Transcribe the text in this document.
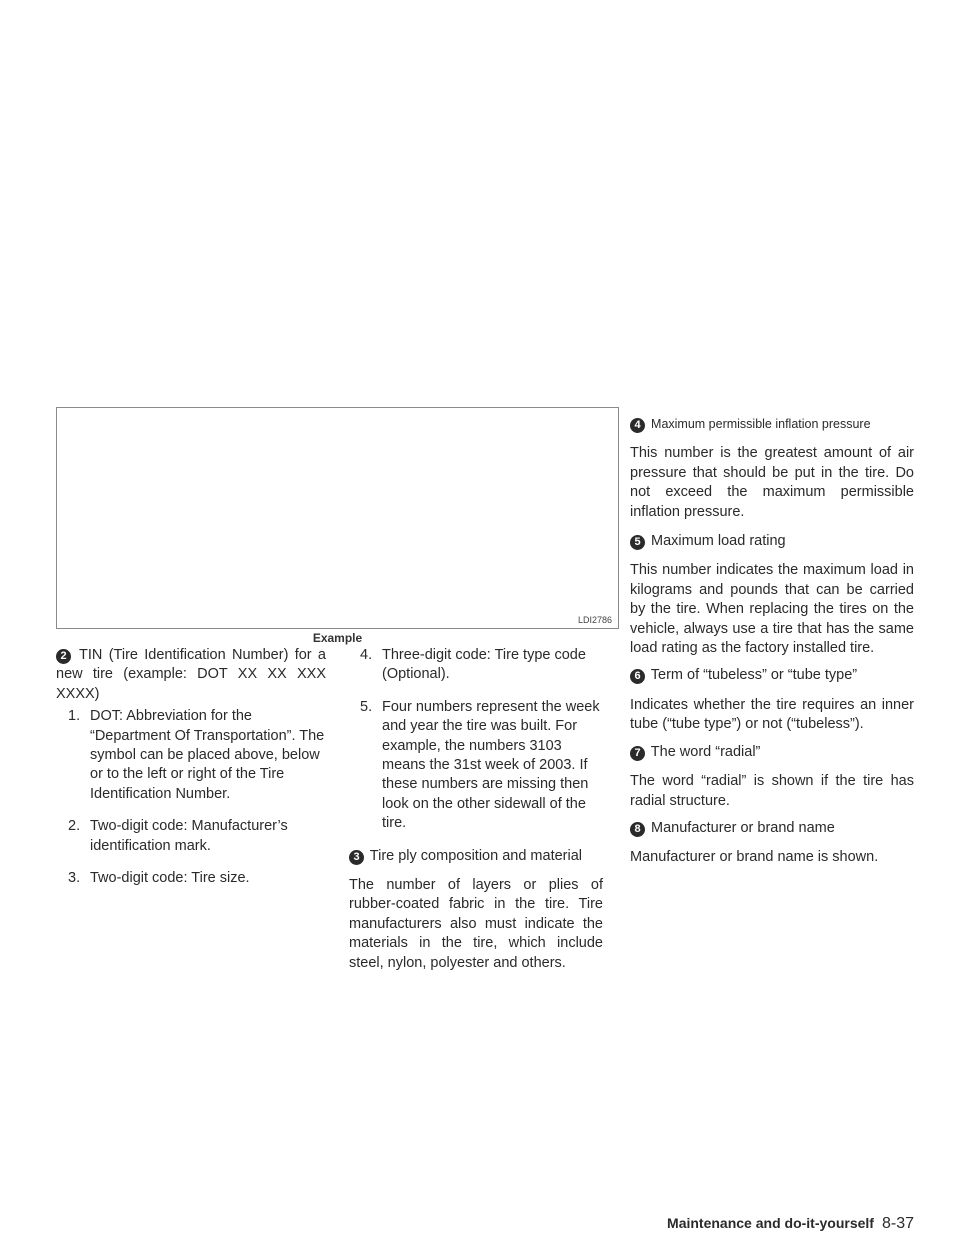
LDI2786
Example

2 TIN (Tire Identification Number) for a new tire (example: DOT XX XX XXX XXXX)

1. DOT: Abbreviation for the “Department Of Transportation”. The symbol can be placed above, below or to the left or right of the Tire Identification Number.
2. Two-digit code: Manufacturer’s identification mark.
3. Two-digit code: Tire size.
4. Three-digit code: Tire type code (Optional).
5. Four numbers represent the week and year the tire was built. For example, the numbers 3103 means the 31st week of 2003. If these numbers are missing then look on the other sidewall of the tire.

3 Tire ply composition and material

The number of layers or plies of rubber-coated fabric in the tire. Tire manufacturers also must indicate the materials in the tire, which include steel, nylon, polyester and others.

4 Maximum permissible inflation pressure

This number is the greatest amount of air pressure that should be put in the tire. Do not exceed the maximum permissible inflation pressure.

5 Maximum load rating

This number indicates the maximum load in kilograms and pounds that can be carried by the tire. When replacing the tires on the vehicle, always use a tire that has the same load rating as the factory installed tire.

6 Term of “tubeless” or “tube type”

Indicates whether the tire requires an inner tube (“tube type”) or not (“tubeless”).

7 The word “radial”

The word “radial” is shown if the tire has radial structure.

8 Manufacturer or brand name

Manufacturer or brand name is shown.

Maintenance and do-it-yourself 8-37
